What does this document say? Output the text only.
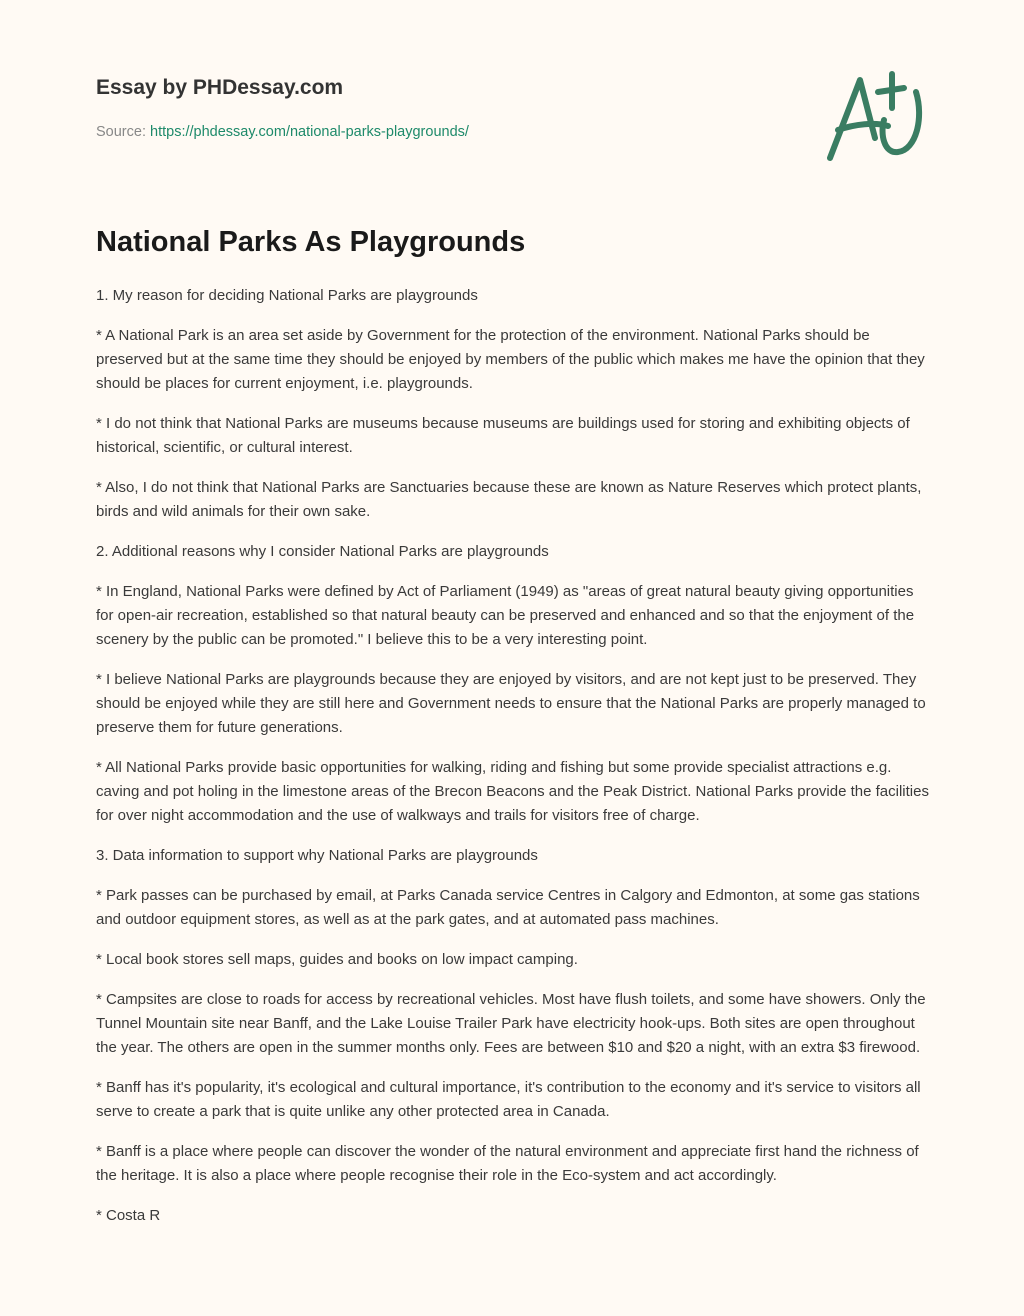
Essay by PHDessay.com
Source: https://phdessay.com/national-parks-playgrounds/
National Parks As Playgrounds

1. My reason for deciding National Parks are playgrounds

* A National Park is an area set aside by Government for the protection of the environment. National Parks should be preserved but at the same time they should be enjoyed by members of the public which makes me have the opinion that they should be places for current enjoyment, i.e. playgrounds.

* I do not think that National Parks are museums because museums are buildings used for storing and exhibiting objects of historical, scientific, or cultural interest.

* Also, I do not think that National Parks are Sanctuaries because these are known as Nature Reserves which protect plants, birds and wild animals for their own sake.

2. Additional reasons why I consider National Parks are playgrounds

* In England, National Parks were defined by Act of Parliament (1949) as "areas of great natural beauty giving opportunities for open-air recreation, established so that natural beauty can be preserved and enhanced and so that the enjoyment of the scenery by the public can be promoted." I believe this to be a very interesting point.

* I believe National Parks are playgrounds because they are enjoyed by visitors, and are not kept just to be preserved. They should be enjoyed while they are still here and Government needs to ensure that the National Parks are properly managed to preserve them for future generations.

* All National Parks provide basic opportunities for walking, riding and fishing but some provide specialist attractions e.g. caving and pot holing in the limestone areas of the Brecon Beacons and the Peak District. National Parks provide the facilities for over night accommodation and the use of walkways and trails for visitors free of charge.

3. Data information to support why National Parks are playgrounds

* Park passes can be purchased by email, at Parks Canada service Centres in Calgory and Edmonton, at some gas stations and outdoor equipment stores, as well as at the park gates, and at automated pass machines.

* Local book stores sell maps, guides and books on low impact camping.

* Campsites are close to roads for access by recreational vehicles. Most have flush toilets, and some have showers. Only the Tunnel Mountain site near Banff, and the Lake Louise Trailer Park have electricity hook-ups. Both sites are open throughout the year. The others are open in the summer months only. Fees are between $10 and $20 a night, with an extra $3 firewood.

* Banff has it's popularity, it's ecological and cultural importance, it's contribution to the economy and it's service to visitors all serve to create a park that is quite unlike any other protected area in Canada.

* Banff is a place where people can discover the wonder of the natural environment and appreciate first hand the richness of the heritage. It is also a place where people recognise their role in the Eco-system and act accordingly.

* Costa R
